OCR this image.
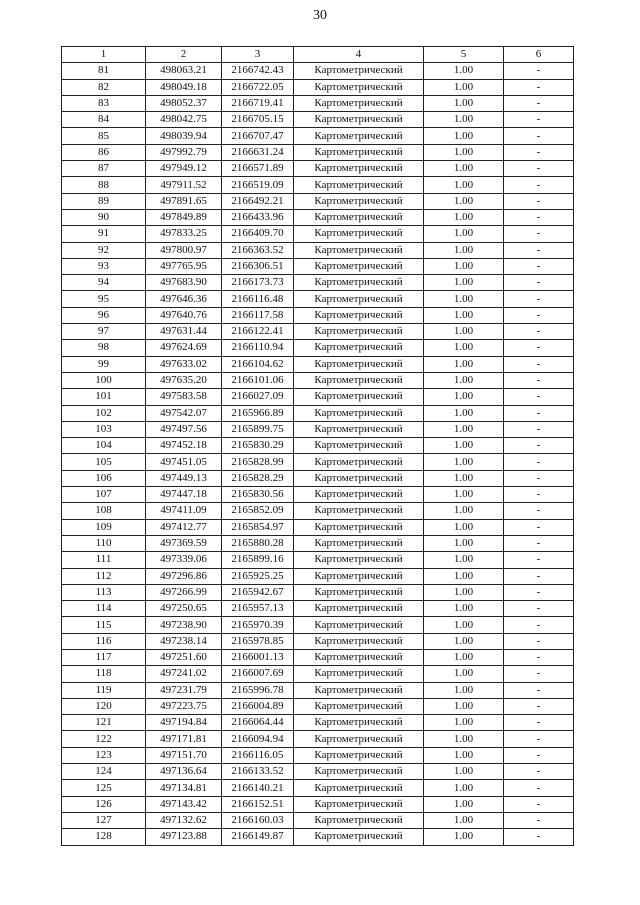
30
1	2	3	4	5	6
81	498063.21	2166742.43	Картометрический	1.00	-
82	498049.18	2166722.05	Картометрический	1.00	-
83	498052.37	2166719.41	Картометрический	1.00	-
84	498042.75	2166705.15	Картометрический	1.00	-
85	498039.94	2166707.47	Картометрический	1.00	-
86	497992.79	2166631.24	Картометрический	1.00	-
87	497949.12	2166571.89	Картометрический	1.00	-
88	497911.52	2166519.09	Картометрический	1.00	-
89	497891.65	2166492.21	Картометрический	1.00	-
90	497849.89	2166433.96	Картометрический	1.00	-
91	497833.25	2166409.70	Картометрический	1.00	-
92	497800.97	2166363.52	Картометрический	1.00	-
93	497765.95	2166306.51	Картометрический	1.00	-
94	497683.90	2166173.73	Картометрический	1.00	-
95	497646.36	2166116.48	Картометрический	1.00	-
96	497640.76	2166117.58	Картометрический	1.00	-
97	497631.44	2166122.41	Картометрический	1.00	-
98	497624.69	2166110.94	Картометрический	1.00	-
99	497633.02	2166104.62	Картометрический	1.00	-
100	497635.20	2166101.06	Картометрический	1.00	-
101	497583.58	2166027.09	Картометрический	1.00	-
102	497542.07	2165966.89	Картометрический	1.00	-
103	497497.56	2165899.75	Картометрический	1.00	-
104	497452.18	2165830.29	Картометрический	1.00	-
105	497451.05	2165828.99	Картометрический	1.00	-
106	497449.13	2165828.29	Картометрический	1.00	-
107	497447.18	2165830.56	Картометрический	1.00	-
108	497411.09	2165852.09	Картометрический	1.00	-
109	497412.77	2165854.97	Картометрический	1.00	-
110	497369.59	2165880.28	Картометрический	1.00	-
111	497339.06	2165899.16	Картометрический	1.00	-
112	497296.86	2165925.25	Картометрический	1.00	-
113	497266.99	2165942.67	Картометрический	1.00	-
114	497250.65	2165957.13	Картометрический	1.00	-
115	497238.90	2165970.39	Картометрический	1.00	-
116	497238.14	2165978.85	Картометрический	1.00	-
117	497251.60	2166001.13	Картометрический	1.00	-
118	497241.02	2166007.69	Картометрический	1.00	-
119	497231.79	2165996.78	Картометрический	1.00	-
120	497223.75	2166004.89	Картометрический	1.00	-
121	497194.84	2166064.44	Картометрический	1.00	-
122	497171.81	2166094.94	Картометрический	1.00	-
123	497151.70	2166116.05	Картометрический	1.00	-
124	497136.64	2166133.52	Картометрический	1.00	-
125	497134.81	2166140.21	Картометрический	1.00	-
126	497143.42	2166152.51	Картометрический	1.00	-
127	497132.62	2166160.03	Картометрический	1.00	-
128	497123.88	2166149.87	Картометрический	1.00	-
